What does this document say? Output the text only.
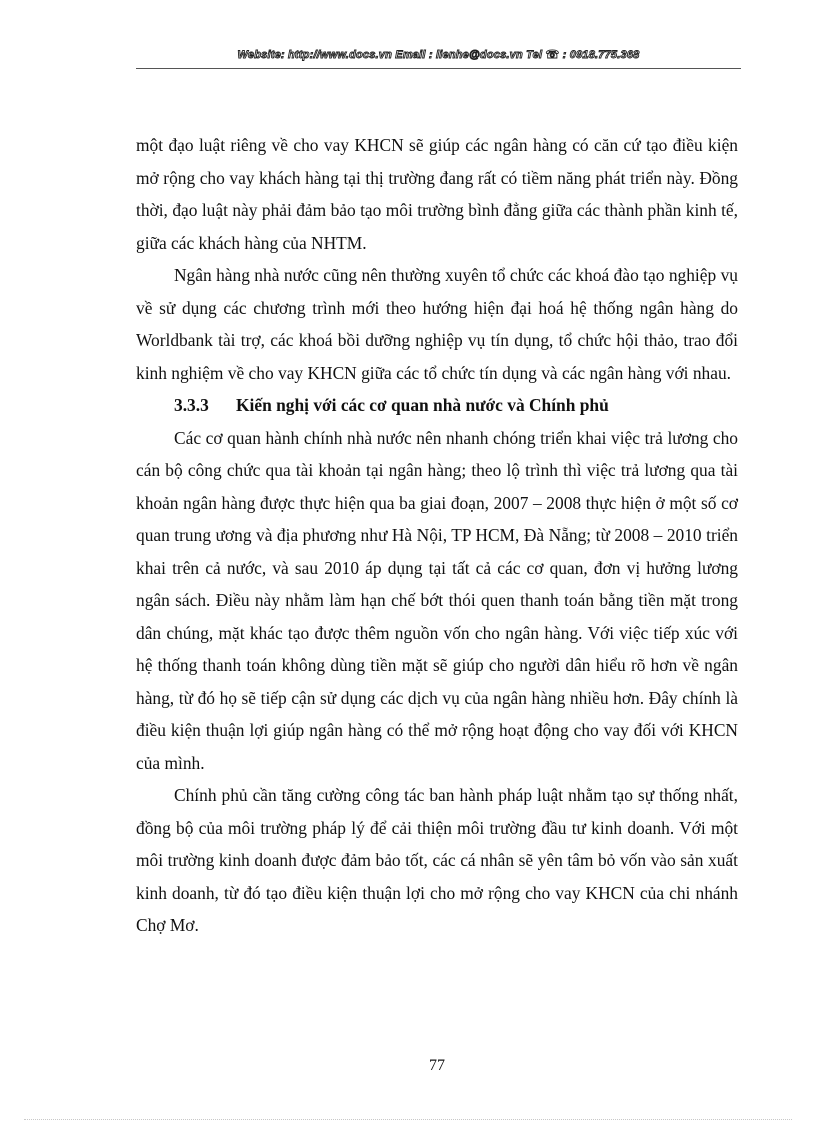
Website: http://www.docs.vn Email : lienhe@docs.vn Tel ☎ : 0918.775.368

một đạo luật riêng về cho vay KHCN sẽ giúp các ngân hàng có căn cứ tạo điều kiện mở rộng cho vay khách hàng tại thị trường đang rất có tiềm năng phát triển này. Đồng thời, đạo luật này phải đảm bảo tạo môi trường bình đẳng giữa các thành phần kinh tế, giữa các khách hàng của NHTM.

Ngân hàng nhà nước cũng nên thường xuyên tổ chức các khoá đào tạo nghiệp vụ về sử dụng các chương trình mới theo hướng hiện đại hoá hệ thống ngân hàng do Worldbank tài trợ, các khoá bồi dưỡng nghiệp vụ tín dụng, tổ chức hội thảo, trao đổi kinh nghiệm về cho vay KHCN giữa các tổ chức tín dụng và các ngân hàng với nhau.

3.3.3 Kiến nghị với các cơ quan nhà nước và Chính phủ

Các cơ quan hành chính nhà nước nên nhanh chóng triển khai việc trả lương cho cán bộ công chức qua tài khoản tại ngân hàng; theo lộ trình thì việc trả lương qua tài khoản ngân hàng được thực hiện qua ba giai đoạn, 2007 – 2008 thực hiện ở một số cơ quan trung ương và địa phương như Hà Nội, TP HCM, Đà Nẵng; từ 2008 – 2010 triển khai trên cả nước, và sau 2010 áp dụng tại tất cả các cơ quan, đơn vị hưởng lương ngân sách. Điều này nhằm làm hạn chế bớt thói quen thanh toán bằng tiền mặt trong dân chúng, mặt khác tạo được thêm nguồn vốn cho ngân hàng. Với việc tiếp xúc với hệ thống thanh toán không dùng tiền mặt sẽ giúp cho người dân hiểu rõ hơn về ngân hàng, từ đó họ sẽ tiếp cận sử dụng các dịch vụ của ngân hàng nhiều hơn. Đây chính là điều kiện thuận lợi giúp ngân hàng có thể mở rộng hoạt động cho vay đối với KHCN của mình.

Chính phủ cần tăng cường công tác ban hành pháp luật nhằm tạo sự thống nhất, đồng bộ của môi trường pháp lý để cải thiện môi trường đầu tư kinh doanh. Với một môi trường kinh doanh được đảm bảo tốt, các cá nhân sẽ yên tâm bỏ vốn vào sản xuất kinh doanh, từ đó tạo điều kiện thuận lợi cho mở rộng cho vay KHCN của chi nhánh Chợ Mơ.

77
